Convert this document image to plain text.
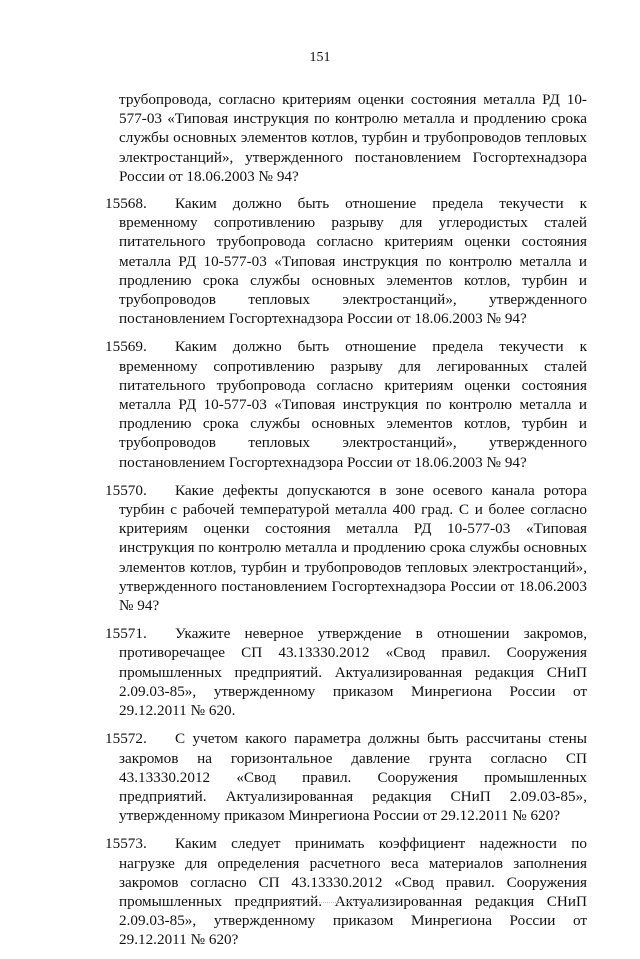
151

трубопровода, согласно критериям оценки состояния металла РД 10-577-03 «Типовая инструкция по контролю металла и продлению срока службы основных элементов котлов, турбин и трубопроводов тепловых электростанций», утвержденного постановлением Госгортехнадзора России от 18.06.2003 № 94?

15568.	Каким должно быть отношение предела текучести к временному сопротивлению разрыву для углеродистых сталей питательного трубопровода согласно критериям оценки состояния металла РД 10-577-03 «Типовая инструкция по контролю металла и продлению срока службы основных элементов котлов, турбин и трубопроводов тепловых электростанций», утвержденного постановлением Госгортехнадзора России от 18.06.2003 № 94?
15569.	Каким должно быть отношение предела текучести к временному сопротивлению разрыву для легированных сталей питательного трубопровода согласно критериям оценки состояния металла РД 10-577-03 «Типовая инструкция по контролю металла и продлению срока службы основных элементов котлов, турбин и трубопроводов тепловых электростанций», утвержденного постановлением Госгортехнадзора России от 18.06.2003 № 94?
15570.	Какие дефекты допускаются в зоне осевого канала ротора турбин с рабочей температурой металла 400 град. С и более согласно критериям оценки состояния металла РД 10-577-03 «Типовая инструкция по контролю металла и продлению срока службы основных элементов котлов, турбин и трубопроводов тепловых электростанций», утвержденного постановлением Госгортехнадзора России от 18.06.2003 № 94?
15571.	Укажите неверное утверждение в отношении закромов, противоречащее СП 43.13330.2012 «Свод правил. Сооружения промышленных предприятий. Актуализированная редакция СНиП 2.09.03-85», утвержденному приказом Минрегиона России от 29.12.2011 № 620.
15572.	С учетом какого параметра должны быть рассчитаны стены закромов на горизонтальное давление грунта согласно СП 43.13330.2012 «Свод правил. Сооружения промышленных предприятий. Актуализированная редакция СНиП 2.09.03-85», утвержденному приказом Минрегиона России от 29.12.2011 № 620?
15573.	Каким следует принимать коэффициент надежности по нагрузке для определения расчетного веса материалов заполнения закромов согласно СП 43.13330.2012 «Свод правил. Сооружения промышленных предприятий. Актуализированная редакция СНиП 2.09.03-85», утвержденному приказом Минрегиона России от 29.12.2011 № 620?
